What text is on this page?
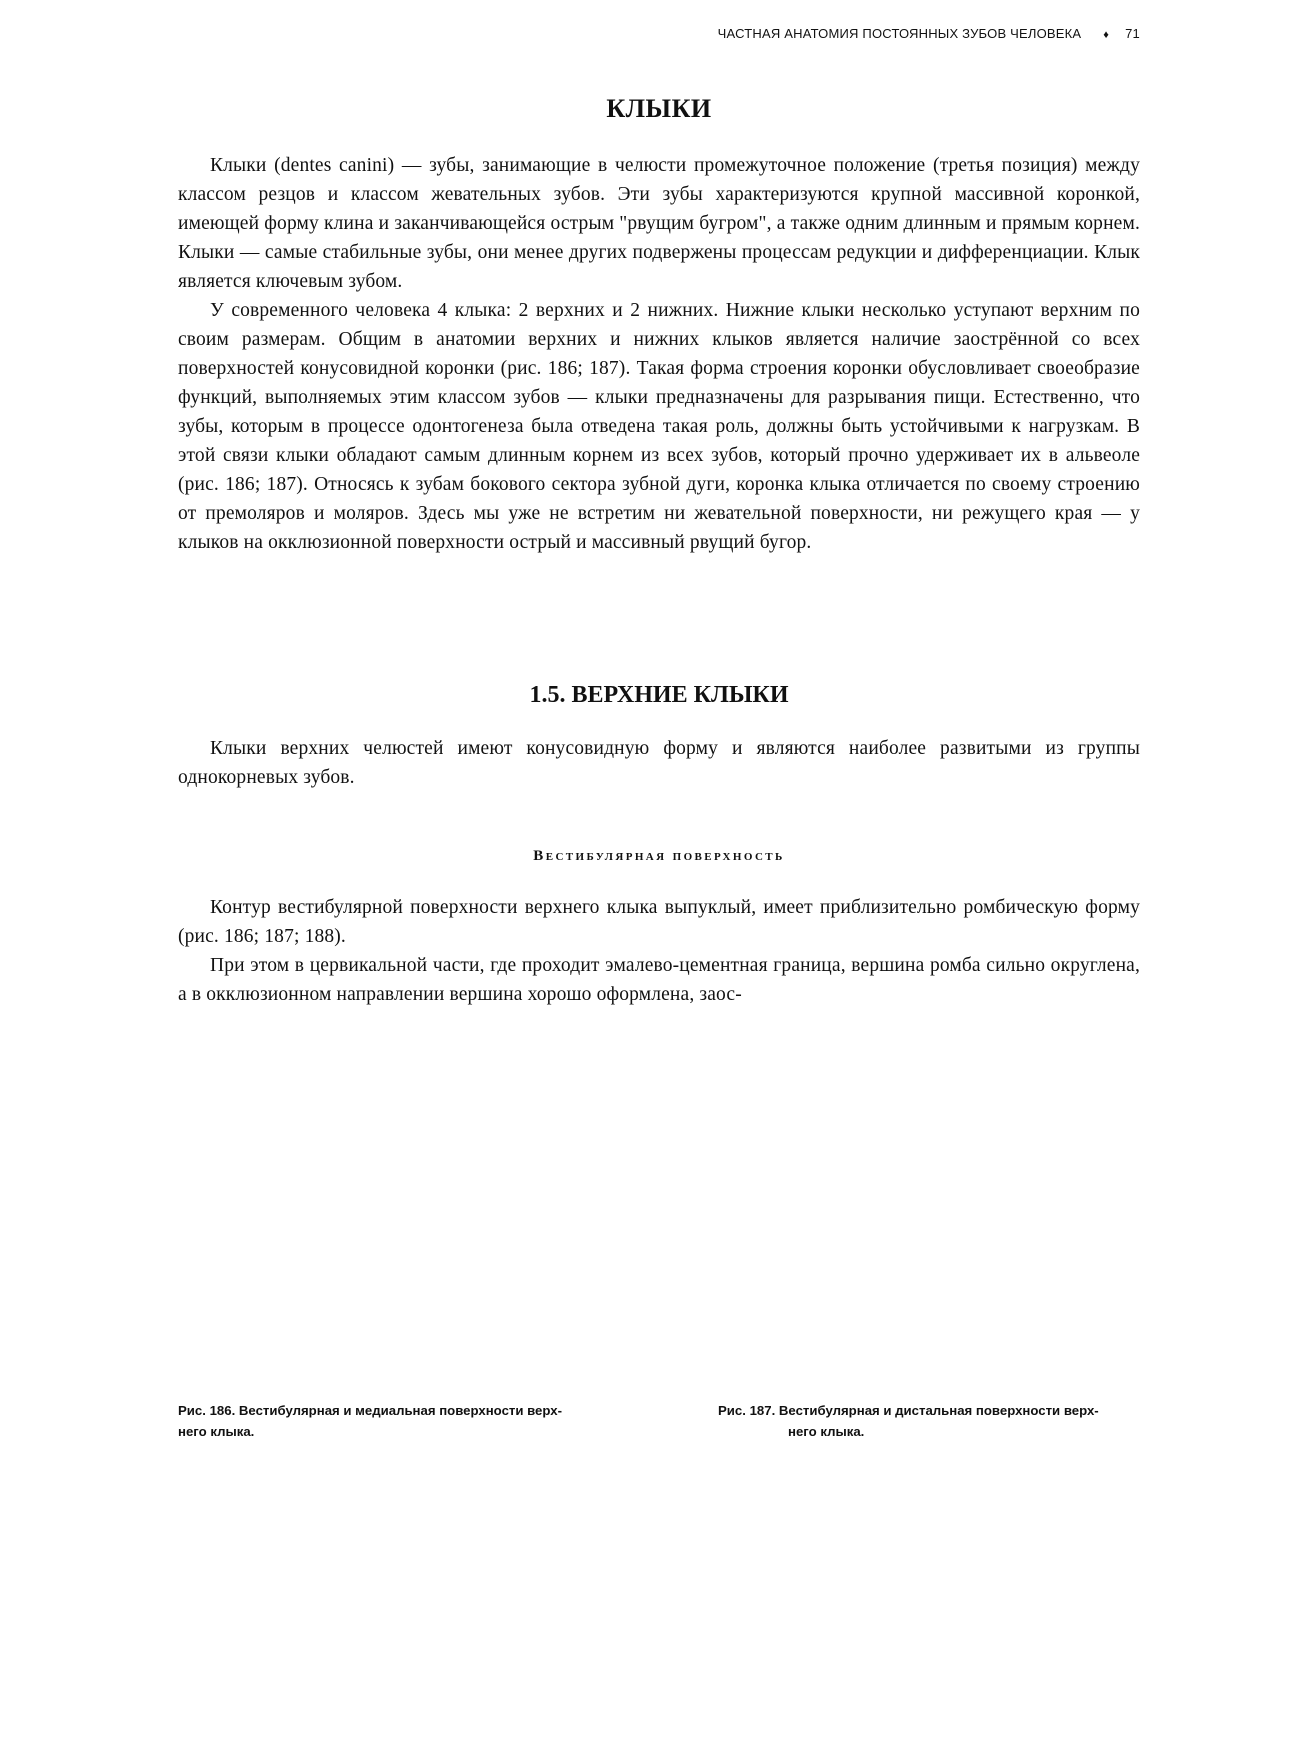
ЧАСТНАЯ АНАТОМИЯ ПОСТОЯННЫХ ЗУБОВ ЧЕЛОВЕКА ♦ 71
КЛЫКИ

Клыки (dentes canini) — зубы, занимающие в челюсти промежуточное положение (третья позиция) между классом резцов и классом жевательных зубов. Эти зубы характеризуются крупной массивной коронкой, имеющей форму клина и заканчивающейся острым "рвущим бугром", а также одним длинным и прямым корнем. Клыки — самые стабильные зубы, они менее других подвержены процессам редукции и дифференциации. Клык является ключевым зубом.

У современного человека 4 клыка: 2 верхних и 2 нижних. Нижние клыки несколько уступают верхним по своим размерам. Общим в анатомии верхних и нижних клыков является наличие заострённой со всех поверхностей конусовидной коронки (рис. 186; 187). Такая форма строения коронки обусловливает своеобразие функций, выполняемых этим классом зубов — клыки предназначены для разрывания пищи. Естественно, что зубы, которым в процессе одонтогенеза была отведена такая роль, должны быть устойчивыми к нагрузкам. В этой связи клыки обладают самым длинным корнем из всех зубов, который прочно удерживает их в альвеоле (рис. 186; 187). Относясь к зубам бокового сектора зубной дуги, коронка клыка отличается по своему строению от премоляров и моляров. Здесь мы уже не встретим ни жевательной поверхности, ни режущего края — у клыков на окклюзионной поверхности острый и массивный рвущий бугор.

1.5. ВЕРХНИЕ КЛЫКИ

Клыки верхних челюстей имеют конусовидную форму и являются наиболее развитыми из группы однокорневых зубов.

Вестибулярная поверхность

Контур вестибулярной поверхности верхнего клыка выпуклый, имеет приблизительно ромбическую форму (рис. 186; 187; 188).

При этом в цервикальной части, где проходит эмалево-цементная граница, вершина ромба сильно округлена, а в окклюзионном направлении вершина хорошо оформлена, заос-

Рис. 186. Вестибулярная и медиальная поверхности верх-
него клыка.
Рис. 187. Вестибулярная и дистальная поверхности верх-
него клыка.
